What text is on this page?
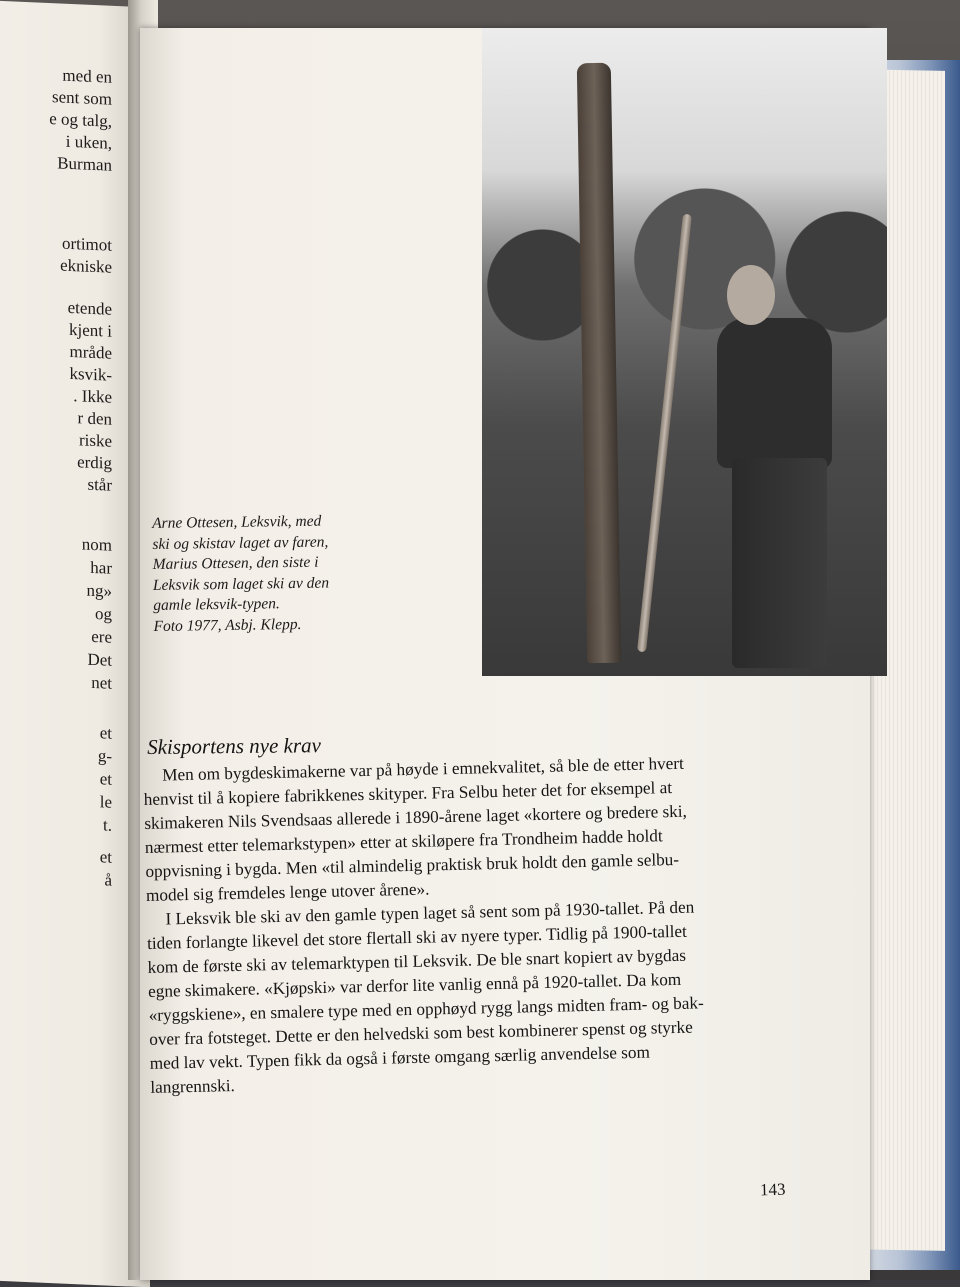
med en
sent som
e og talg,
i uken,
Burman
ortimot
ekniske
etende
kjent i
mråde
ksvik-
. Ikke
r den
riske
erdig
står
nom
har
ng»
og
ere
Det
net
et
g-
et
le
t.
et
å
Arne Ottesen, Leksvik, med
ski og skistav laget av faren,
Marius Ottesen, den siste i
Leksvik som laget ski av den
gamle leksvik-typen.
Foto 1977, Asbj. Klepp.
Skisportens nye krav
Men om bygdeskimakerne var på høyde i emnekvalitet, så ble de etter hvert
henvist til å kopiere fabrikkenes skityper. Fra Selbu heter det for eksempel at
skimakeren Nils Svendsaas allerede i 1890-årene laget «kortere og bredere ski,
nærmest etter telemarkstypen» etter at skiløpere fra Trondheim hadde holdt
oppvisning i bygda. Men «til almindelig praktisk bruk holdt den gamle selbu-
model sig fremdeles lenge utover årene».
I Leksvik ble ski av den gamle typen laget så sent som på 1930-tallet. På den
tiden forlangte likevel det store flertall ski av nyere typer. Tidlig på 1900-tallet
kom de første ski av telemarktypen til Leksvik. De ble snart kopiert av bygdas
egne skimakere. «Kjøpski» var derfor lite vanlig ennå på 1920-tallet. Da kom
«ryggskiene», en smalere type med en opphøyd rygg langs midten fram- og bak-
over fra fotsteget. Dette er den helvedski som best kombinerer spenst og styrke
med lav vekt. Typen fikk da også i første omgang særlig anvendelse som
langrennski.
143
